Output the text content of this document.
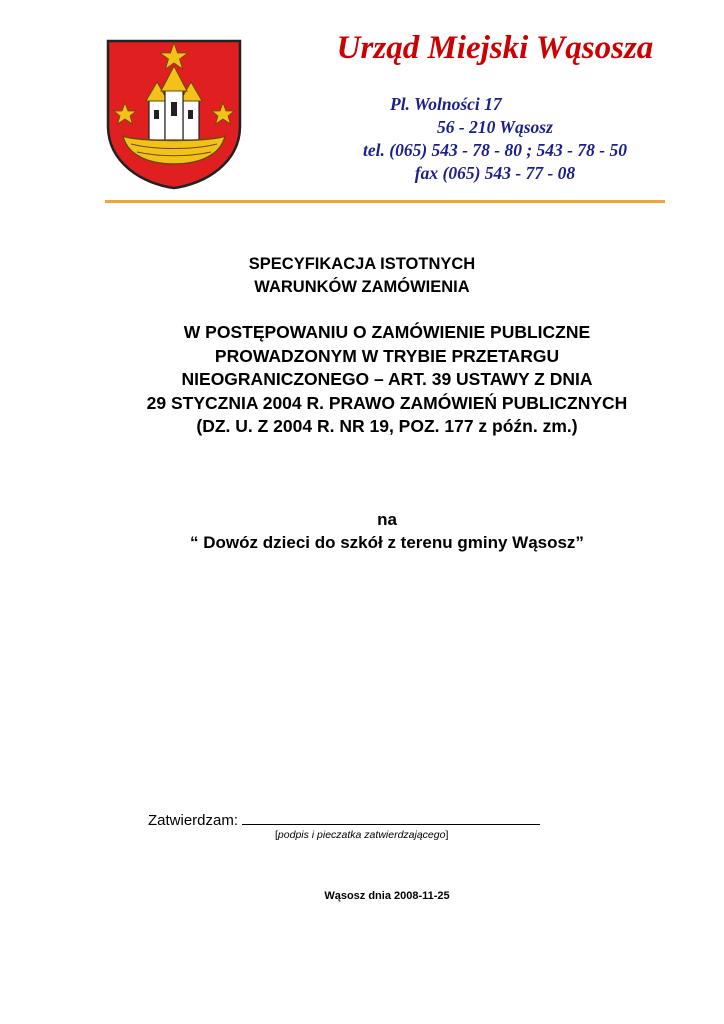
Urząd Miejski Wąsosza
Pl. Wolności 17
56 - 210 Wąsosz
tel. (065) 543 - 78 - 80 ; 543 - 78 - 50
fax (065) 543 - 77 - 08
SPECYFIKACJA ISTOTNYCH
WARUNKÓW ZAMÓWIENIA
W POSTĘPOWANIU O ZAMÓWIENIE PUBLICZNE
PROWADZONYM W TRYBIE PRZETARGU
NIEOGRANICZONEGO – ART. 39 USTAWY Z DNIA
29 STYCZNIA 2004 R. PRAWO ZAMÓWIEŃ PUBLICZNYCH
(DZ. U. Z 2004 R. NR 19, POZ. 177 z późn. zm.)
na
“ Dowóz dzieci do szkół z terenu gminy Wąsosz”
Zatwierdzam:
[podpis i pieczatka zatwierdzającego]
Wąsosz dnia 2008-11-25
